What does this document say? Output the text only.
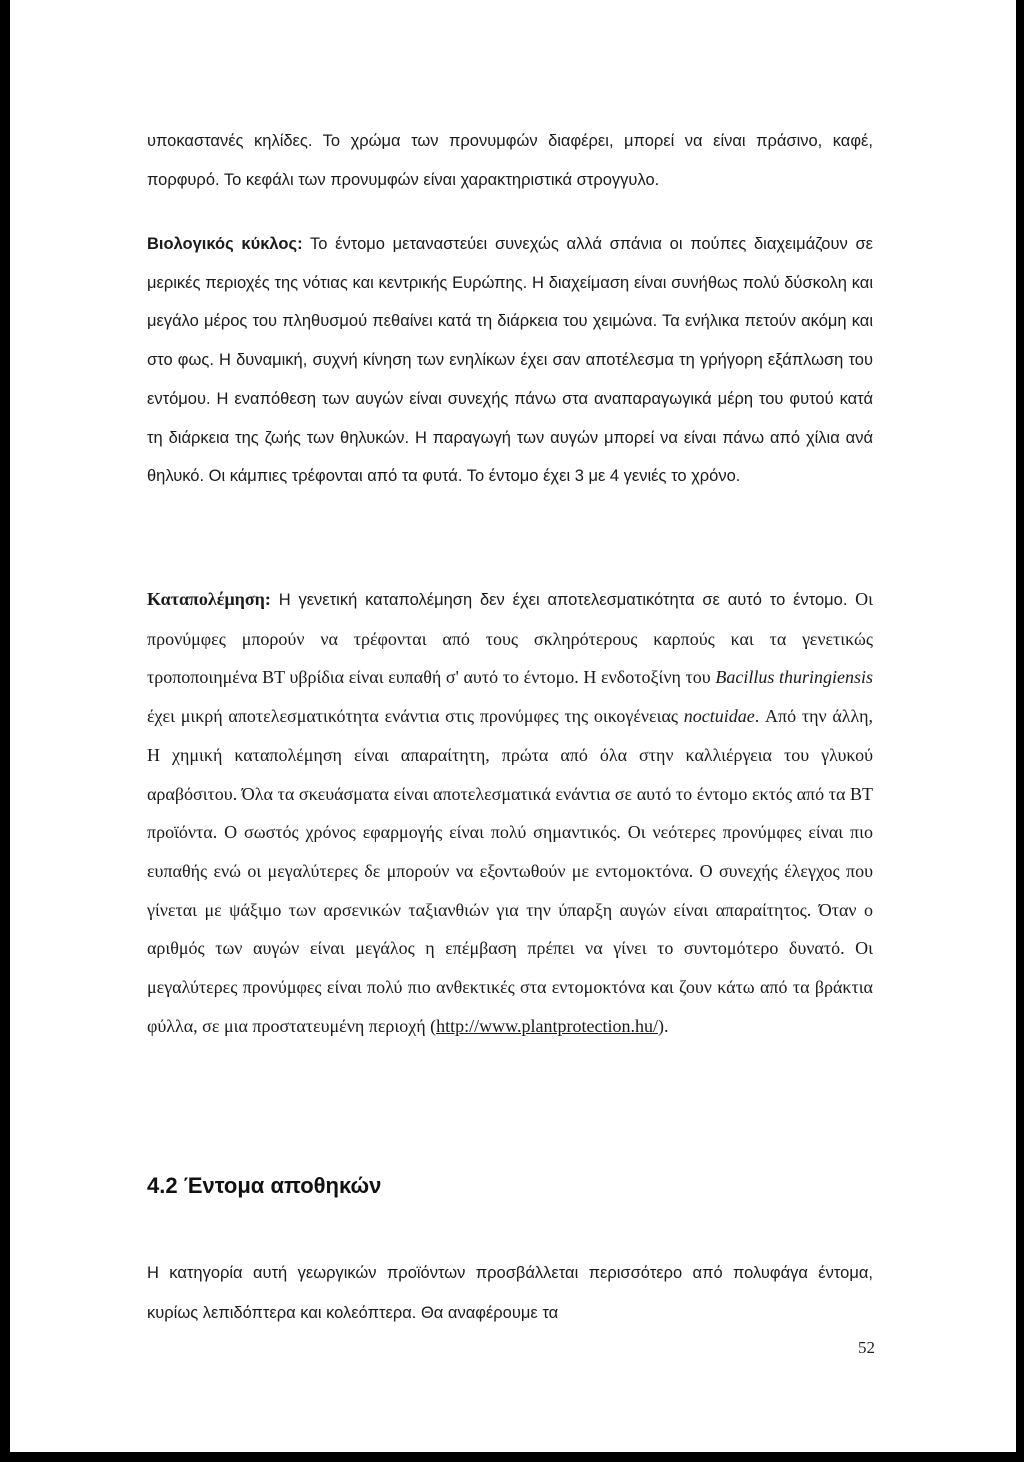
υποκαστανές κηλίδες. Το χρώμα των προνυμφών διαφέρει, μπορεί να είναι πράσινο, καφέ, πορφυρό. Το κεφάλι των προνυμφών είναι χαρακτηριστικά στρογγυλο.

Βιολογικός κύκλος: Το έντομο μεταναστεύει συνεχώς αλλά σπάνια οι πούπες διαχειμάζουν σε μερικές περιοχές της νότιας και κεντρικής Ευρώπης. Η διαχείμαση είναι συνήθως πολύ δύσκολη και μεγάλο μέρος του πληθυσμού πεθαίνει κατά τη διάρκεια του χειμώνα. Τα ενήλικα πετούν ακόμη και στο φως. Η δυναμική, συχνή κίνηση των ενηλίκων έχει σαν αποτέλεσμα τη γρήγορη εξάπλωση του εντόμου. Η εναπόθεση των αυγών είναι συνεχής πάνω στα αναπαραγωγικά μέρη του φυτού κατά τη διάρκεια της ζωής των θηλυκών. Η παραγωγή των αυγών μπορεί να είναι πάνω από χίλια ανά θηλυκό. Οι κάμπιες τρέφονται από τα φυτά. Το έντομο έχει 3 με 4 γενιές το χρόνο.

Καταπολέμηση: Η γενετική καταπολέμηση δεν έχει αποτελεσματικότητα σε αυτό το έντομο. Οι προνύμφες μπορούν να τρέφονται από τους σκληρότερους καρπούς και τα γενετικώς τροποποιημένα BT υβρίδια είναι ευπαθή σ' αυτό το έντομο. Η ενδοτοξίνη του Bacillus thuringiensis έχει μικρή αποτελεσματικότητα ενάντια στις προνύμφες της οικογένειας noctuidae. Από την άλλη, Η χημική καταπολέμηση είναι απαραίτητη, πρώτα από όλα στην καλλιέργεια του γλυκού αραβόσιτου. Όλα τα σκευάσματα είναι αποτελεσματικά ενάντια σε αυτό το έντομο εκτός από τα BT προϊόντα. Ο σωστός χρόνος εφαρμογής είναι πολύ σημαντικός. Οι νεότερες προνύμφες είναι πιο ευπαθής ενώ οι μεγαλύτερες δε μπορούν να εξοντωθούν με εντομοκτόνα. Ο συνεχής έλεγχος που γίνεται με ψάξιμο των αρσενικών ταξιανθιών για την ύπαρξη αυγών είναι απαραίτητος. Όταν ο αριθμός των αυγών είναι μεγάλος η επέμβαση πρέπει να γίνει το συντομότερο δυνατό. Οι μεγαλύτερες προνύμφες είναι πολύ πιο ανθεκτικές στα εντομοκτόνα και ζουν κάτω από τα βράκτια φύλλα, σε μια προστατευμένη περιοχή (http://www.plantprotection.hu/).

4.2 Έντομα αποθηκών

Η κατηγορία αυτή γεωργικών προϊόντων προσβάλλεται περισσότερο από πολυφάγα έντομα, κυρίως λεπιδόπτερα και κολεόπτερα. Θα αναφέρουμε τα

52
